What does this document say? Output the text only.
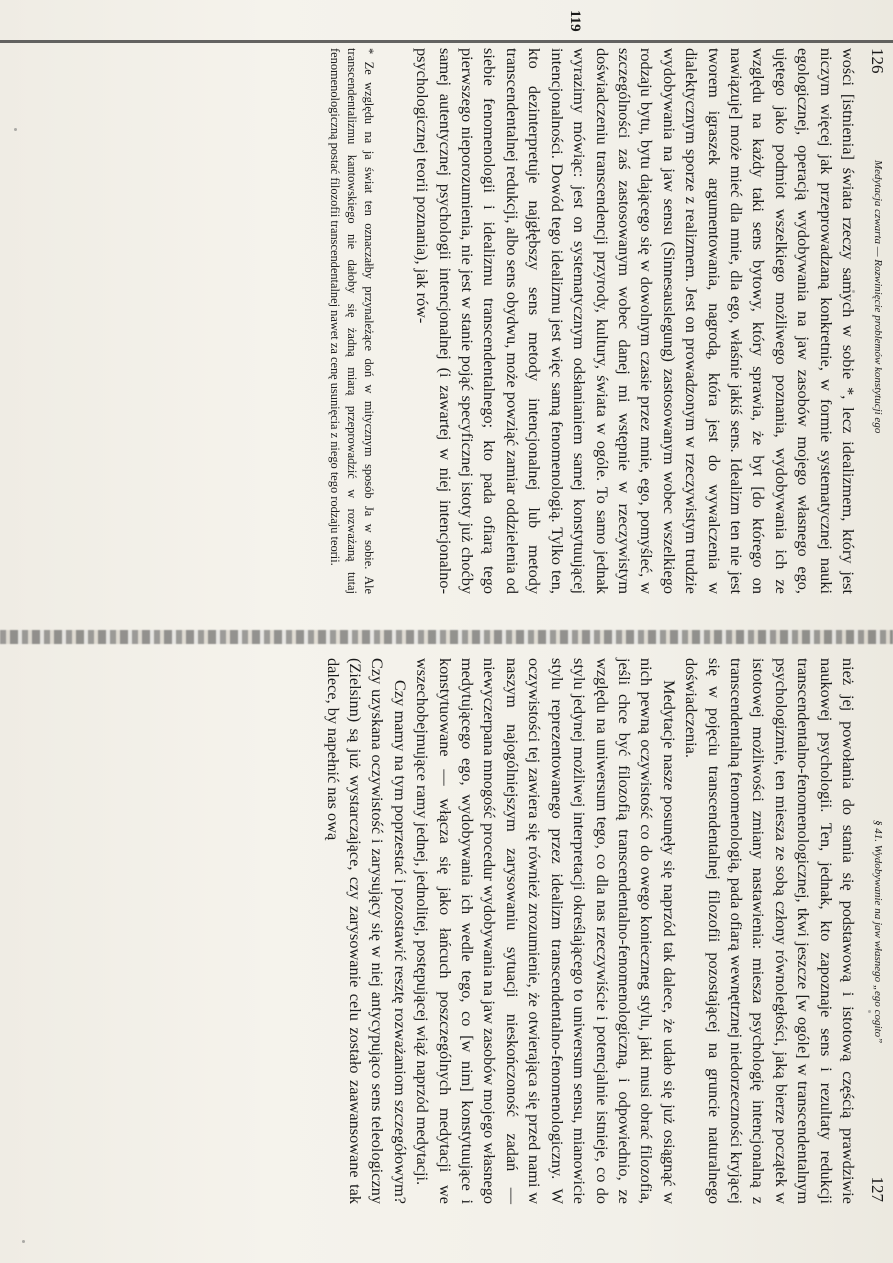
126
Medytacja czwarta — Rozwinięcie problemów konstytucji ego
119

wości [istnienia] świata rzeczy samych w sobie *, lecz idealizmem, który jest niczym więcej jak przeprowadzaną konkretnie, w formie systematycznej nauki egologicznej, operacją wydobywania na jaw zasobów mojego własnego ego, ujętego jako podmiot wszelkiego możliwego poznania, wydobywania ich ze względu na każdy taki sens bytowy, który sprawia, że byt [do którego on nawiązuje] może mieć dla mnie, dla ego, właśnie jakiś sens. Idealizm ten nie jest tworem igraszek argumentowania, nagrodą, która jest do wywalczenia w dialektycznym sporze z realizmem. Jest on prowadzonym w rzeczywistym trudzie wydobywania na jaw sensu (Sinnesauslegung) zastosowanym wobec wszelkiego rodzaju bytu, bytu dającego się w dowolnym czasie przez mnie, ego, pomyśleć, w szczególności zaś zastosowanym wobec danej mi wstępnie w rzeczywistym doświadczeniu transcendencji przyrody, kultury, świata w ogóle. To samo jednak wyrazimy mówiąc: jest on systematycznym odsłanianiem samej konstytuującej intencjonalności. Dowód tego idealizmu jest więc samą fenomenologią. Tylko ten, kto dezinterpretuje najgłębszy sens metody intencjonalnej lub metody transcendentalnej redukcji, albo sens obydwu, może powziąć zamiar oddzielenia od siebie fenomenologii i idealizmu transcendentalnego; kto pada ofiarą tego pierwszego nieporozumienia, nie jest w stanie pojąć specyficznej istoty już choćby samej autentycznej psychologii intencjonalnej (i zawartej w niej intencjonalno-psychologicznej teorii poznania), jak rów-

* Ze względu na ja świat ten oznaczałby przynależące doń w mitycznym sposób Ja w sobie. Ale transcendentalizmu kantowskiego nie dałoby się żadną miarą przeprowadzić w rozważaną tutaj fenomenologiczną postać filozofii transcendentalnej nawet za cenę usunięcia z niego tego rodzaju teorii.
§ 41. Wydobywanie na jaw własnego „ego cogito”
127

nież jej powołania do stania się podstawową i istotową częścią prawdziwie naukowej psychologii. Ten, jednak, kto zapoznaje sens i rezultaty redukcji transcendentalno-fenomenologicznej, tkwi jeszcze [w ogóle] w transcendentalnym psychologizmie, ten miesza ze sobą człony równoległości, jaką bierze początek w istotowej możliwości zmiany nastawienia: miesza psychologię intencjonalną z transcendentalną fenomenologią, pada ofiarą wewnętrznej niedorzeczności kryjącej się w pojęciu transcendentalnej filozofii pozostającej na gruncie naturalnego doświadczenia.

Medytacje nasze posunęły się naprzód tak dalece, że udało się już osiągnąć w nich pewną oczywistość co do owego konieczneg stylu, jaki musi obrać filozofia, jeśli chce być filozofią transcendentalno-fenomenologiczną, i odpowiednio, ze względu na uniwersum tego, co dla nas rzeczywiście i potencjalnie istnieje, co do stylu jedynej możliwej interpretacji określającego to uniwersum sensu, mianowicie stylu reprezentowanego przez idealizm transcendentalno-fenomenologiczny. W oczywistości tej zawiera się również zrozumienie, że otwierająca się przed nami w naszym najogólniejszym zarysowaniu sytuacji nieskończoność zadań — niewyczerpana mnogość procedur wydobywania na jaw zasobów mojego własnego medytującego ego, wydobywania ich wedle tego, co [w nim] konstytuujące i konstytuowane — włącza się jako łańcuch poszczególnych medytacji we wszechobejmujące ramy jednej, jednolitej, postępującej wiąż naprzód medytacji.

Czy mamy na tym poprzestać i pozostawić resztę rozważaniom szczegółowym? Czy uzyskana oczywistość i zarysujący się w niej antycypująco sens teleologiczny (Zielsinn) są już wystarczające, czy zarysowanie celu zostało zaawansowane tak dalece, by napełnić nas ową
